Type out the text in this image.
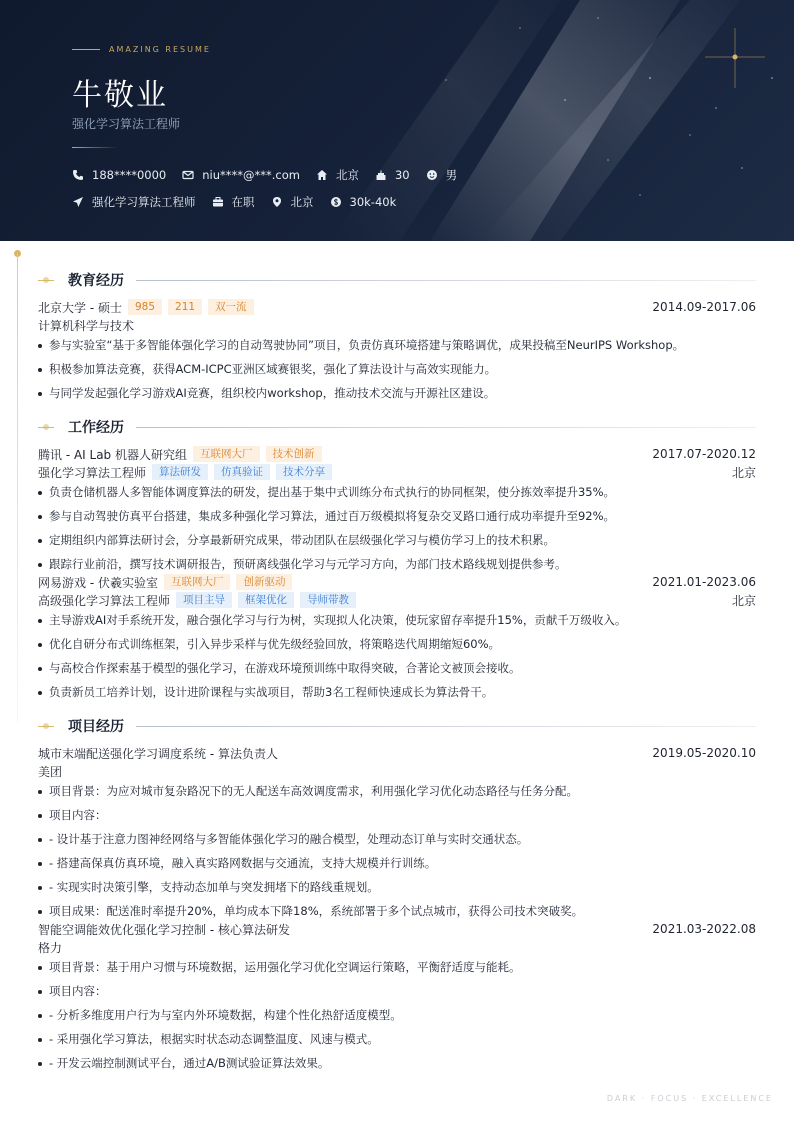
AMAZING RESUME
牛敬业
强化学习算法工程师
188****0000	niu****@***.com	北京	30	男
强化学习算法工程师	在职	北京	30k-40k
教育经历
北京大学 - 硕士	985	211	双一流	2014.09-2017.06
计算机科学与技术
参与实验室“基于多智能体强化学习的自动驾驶协同”项目，负责仿真环境搭建与策略调优，成果投稿至NeurIPS Workshop。
积极参加算法竞赛，获得ACM-ICPC亚洲区域赛银奖，强化了算法设计与高效实现能力。
与同学发起强化学习游戏AI竞赛，组织校内workshop，推动技术交流与开源社区建设。
工作经历
腾讯 - AI Lab 机器人研究组	互联网大厂	技术创新	2017.07-2020.12
强化学习算法工程师	算法研发	仿真验证	技术分享	北京
负责仓储机器人多智能体调度算法的研发，提出基于集中式训练分布式执行的协同框架，使分拣效率提升35%。
参与自动驾驶仿真平台搭建，集成多种强化学习算法，通过百万级模拟将复杂交叉路口通行成功率提升至92%。
定期组织内部算法研讨会，分享最新研究成果，带动团队在层级强化学习与模仿学习上的技术积累。
跟踪行业前沿，撰写技术调研报告，预研离线强化学习与元学习方向，为部门技术路线规划提供参考。
网易游戏 - 伏羲实验室	互联网大厂	创新驱动	2021.01-2023.06
高级强化学习算法工程师	项目主导	框架优化	导师带教	北京
主导游戏AI对手系统开发，融合强化学习与行为树，实现拟人化决策，使玩家留存率提升15%，贡献千万级收入。
优化自研分布式训练框架，引入异步采样与优先级经验回放，将策略迭代周期缩短60%。
与高校合作探索基于模型的强化学习，在游戏环境预训练中取得突破，合著论文被顶会接收。
负责新员工培养计划，设计进阶课程与实战项目，帮助3名工程师快速成长为算法骨干。
项目经历
城市末端配送强化学习调度系统 - 算法负责人	2019.05-2020.10
美团
项目背景：为应对城市复杂路况下的无人配送车高效调度需求，利用强化学习优化动态路径与任务分配。
项目内容：
- 设计基于注意力图神经网络与多智能体强化学习的融合模型，处理动态订单与实时交通状态。
- 搭建高保真仿真环境，融入真实路网数据与交通流，支持大规模并行训练。
- 实现实时决策引擎，支持动态加单与突发拥堵下的路线重规划。
项目成果：配送准时率提升20%，单均成本下降18%，系统部署于多个试点城市，获得公司技术突破奖。
智能空调能效优化强化学习控制 - 核心算法研发	2021.03-2022.08
格力
项目背景：基于用户习惯与环境数据，运用强化学习优化空调运行策略，平衡舒适度与能耗。
项目内容：
- 分析多维度用户行为与室内外环境数据，构建个性化热舒适度模型。
- 采用强化学习算法，根据实时状态动态调整温度、风速与模式。
- 开发云端控制测试平台，通过A/B测试验证算法效果。
DARK · FOCUS · EXCELLENCE
